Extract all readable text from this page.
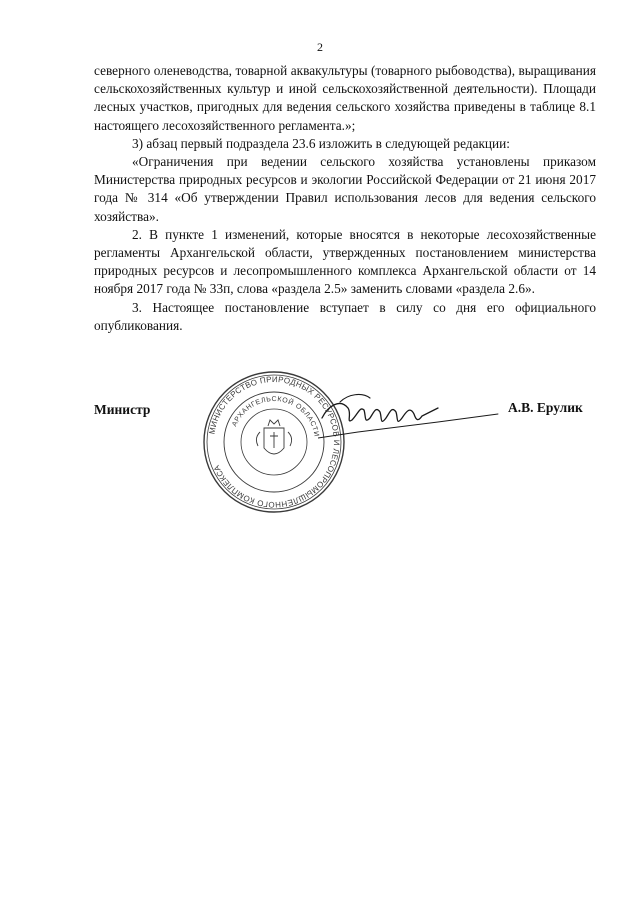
2

северного оленеводства, товарной аквакультуры (товарного рыбоводства), выращивания сельскохозяйственных культур и иной сельскохозяйственной деятельности). Площади лесных участков, пригодных для ведения сельского хозяйства приведены в таблице 8.1 настоящего лесохозяйственного регламента.»;

3) абзац первый подраздела 23.6 изложить в следующей редакции:

«Ограничения при ведении сельского хозяйства установлены приказом Министерства природных ресурсов и экологии Российской Федерации от 21 июня 2017 года № 314 «Об утверждении Правил использования лесов для ведения сельского хозяйства».

2. В пункте 1 изменений, которые вносятся в некоторые лесохозяйственные регламенты Архангельской области, утвержденных постановлением министерства природных ресурсов и лесопромышленного комплекса Архангельской области от 14 ноября 2017 года № 33п, слова «раздела 2.5» заменить словами «раздела 2.6».

3. Настоящее постановление вступает в силу со дня его официального опубликования.

Министр
МИНИСТЕРСТВО ПРИРОДНЫХ РЕСУРСОВ И ЛЕСОПРОМЫШЛЕННОГО КОМПЛЕКСА
АРХАНГЕЛЬСКОЙ ОБЛАСТИ
А.В. Ерулик
